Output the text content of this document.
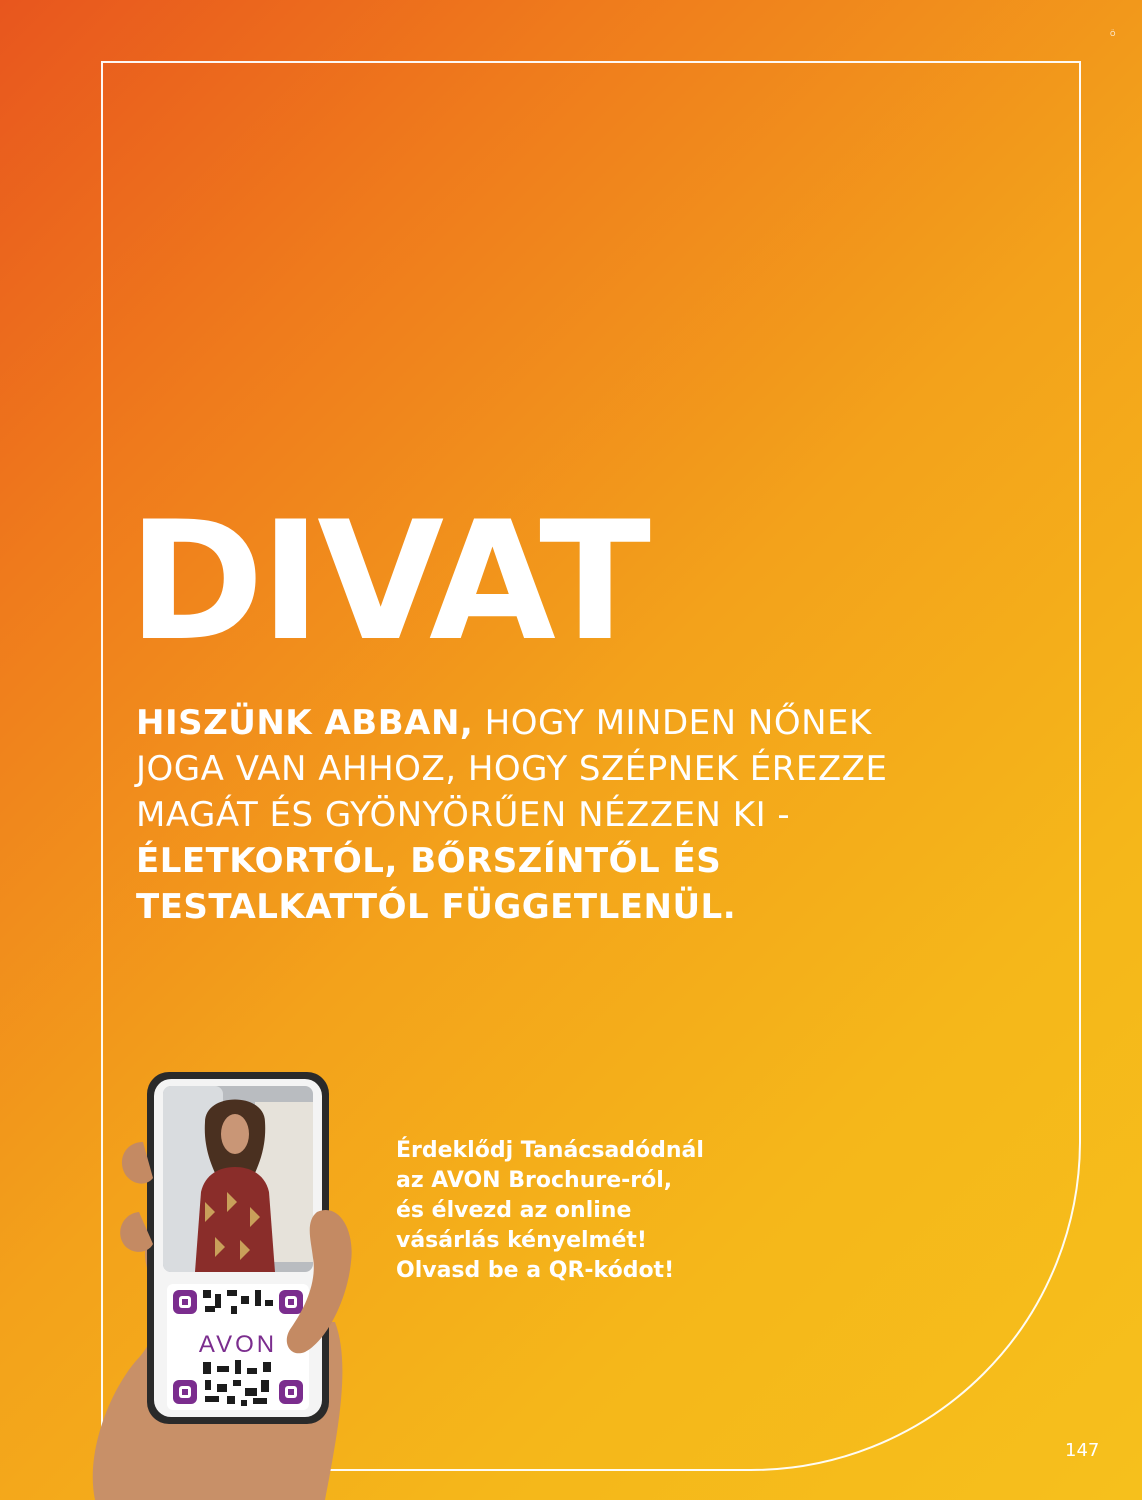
Ö
DIVAT

HISZÜNK ABBAN, HOGY MINDEN NŐNEK JOGA VAN AHHOZ, HOGY SZÉPNEK ÉREZZE MAGÁT ÉS GYÖNYÖRŰEN NÉZZEN KI - ÉLETKORTÓL, BŐRSZÍNTŐL ÉS TESTALKATTÓL FÜGGETLENÜL.

AVON

Érdeklődj Tanácsadódnál
az AVON Brochure-ról,
és élvezd az online
vásárlás kényelmét!
Olvasd be a QR-kódot!

147
